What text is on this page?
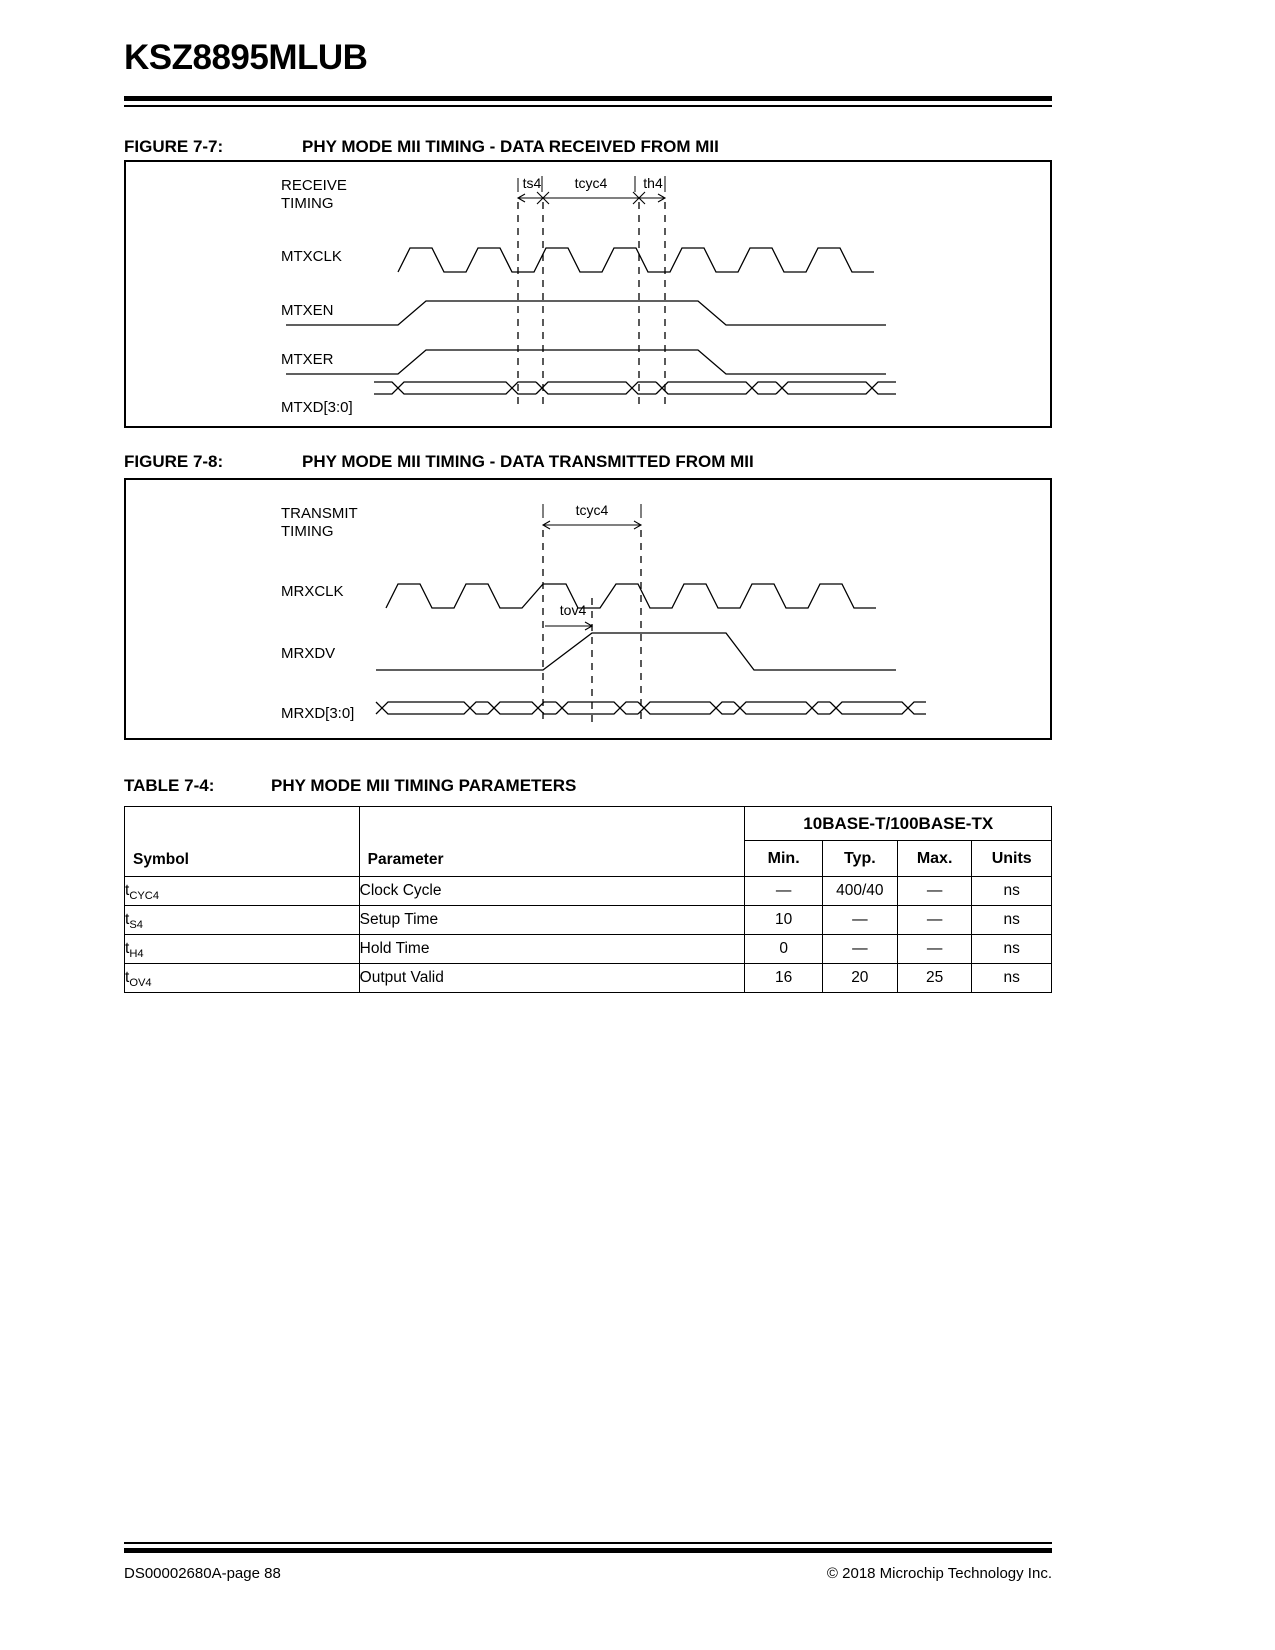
KSZ8895MLUB
FIGURE 7-7:	PHY MODE MII TIMING - DATA RECEIVED FROM MII
RECEIVE
TIMING
ts4 tcyc4	th4
MTXCLK
MTXEN
MTXER
MTXD[3:0]
FIGURE 7-8:	PHY MODE MII TIMING - DATA TRANSMITTED FROM MII
TRANSMIT
TIMING
tcyc4
MRXCLK
tov4
MRXDV
MRXD[3:0]
TABLE 7-4:	PHY MODE MII TIMING PARAMETERS
Symbol	Parameter	10BASE-T/100BASE-TX			
		Min.	Typ.	Max.	Units
$t_{CYC4}$	Clock Cycle	—	400/40	—	ns
$t_{S4}$	Setup Time	10	—	—	ns
$t_{H4}$	Hold Time	0	—	—	ns
$t_{OV4}$	Output Valid	16	20	25	ns
DS00002680A-page 88	© 2018 Microchip Technology Inc.
